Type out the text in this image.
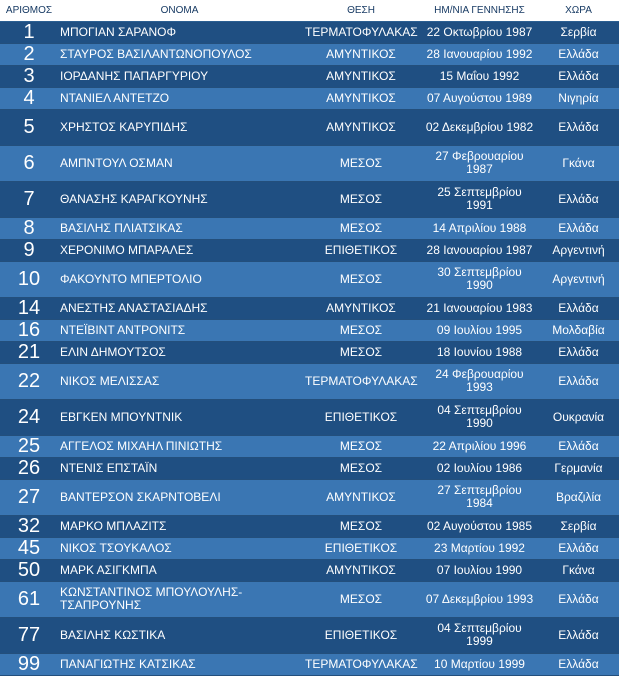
ΑΡΙΘΜΟΣ	ΟΝΟΜΑ	ΘΕΣΗ	ΗΜ/ΝΙΑ ΓΕΝΝΗΣΗΣ	ΧΩΡΑ
1	ΜΠΟΓΙΑΝ ΣΑΡΑΝΟΦ	ΤΕΡΜΑΤΟΦΥΛΑΚΑΣ	22 Οκτωβρίου 1987	Σερβία
2	ΣΤΑΥΡΟΣ ΒΑΣΙΛΑΝΤΩΝΟΠΟΥΛΟΣ	ΑΜΥΝΤΙΚΟΣ	28 Ιανουαρίου 1992	Ελλάδα
3	ΙΟΡΔΑΝΗΣ ΠΑΠΑΡΓΥΡΙΟΥ	ΑΜΥΝΤΙΚΟΣ	15 Μαΐου 1992	Ελλάδα
4	ΝΤΑΝΙΕΛ ΑΝΤΕΤΖΟ	ΑΜΥΝΤΙΚΟΣ	07 Αυγούστου 1989	Νιγηρία
5	ΧΡΗΣΤΟΣ ΚΑΡΥΠΙΔΗΣ	ΑΜΥΝΤΙΚΟΣ	02 Δεκεμβρίου 1982	Ελλάδα
6	ΑΜΠΝΤΟΥΛ ΟΣΜΑΝ	ΜΕΣΟΣ	27 Φεβρουαρίου 1987	Γκάνα
7	ΘΑΝΑΣΗΣ ΚΑΡΑΓΚΟΥΝΗΣ	ΜΕΣΟΣ	25 Σεπτεμβρίου 1991	Ελλάδα
8	ΒΑΣΙΛΗΣ ΠΛΙΑΤΣΙΚΑΣ	ΜΕΣΟΣ	14 Απριλίου 1988	Ελλάδα
9	ΧΕΡΟΝΙΜΟ ΜΠΑΡΑΛΕΣ	ΕΠΙΘΕΤΙΚΟΣ	28 Ιανουαρίου 1987	Αργεντινή
10	ΦΑΚΟΥΝΤΟ ΜΠΕΡΤΟΛΙΟ	ΜΕΣΟΣ	30 Σεπτεμβρίου 1990	Αργεντινή
14	ΑΝΕΣΤΗΣ ΑΝΑΣΤΑΣΙΑΔΗΣ	ΑΜΥΝΤΙΚΟΣ	21 Ιανουαρίου 1983	Ελλάδα
16	ΝΤΕΪΒΙΝΤ ΑΝΤΡΟΝΙΤΣ	ΜΕΣΟΣ	09 Ιουλίου 1995	Μολδαβία
21	ΕΛΙΝ ΔΗΜΟΥΤΣΟΣ	ΜΕΣΟΣ	18 Ιουνίου 1988	Ελλάδα
22	ΝΙΚΟΣ ΜΕΛΙΣΣΑΣ	ΤΕΡΜΑΤΟΦΥΛΑΚΑΣ	24 Φεβρουαρίου 1993	Ελλάδα
24	ΕΒΓΚΕΝ ΜΠΟΥΝΤΝΙΚ	ΕΠΙΘΕΤΙΚΟΣ	04 Σεπτεμβρίου 1990	Ουκρανία
25	ΑΓΓΕΛΟΣ ΜΙΧΑΗΛ ΠΙΝΙΩΤΗΣ	ΜΕΣΟΣ	22 Απριλίου 1996	Ελλάδα
26	ΝΤΕΝΙΣ ΕΠΣΤΑΪΝ	ΜΕΣΟΣ	02 Ιουλίου 1986	Γερμανία
27	ΒΑΝΤΕΡΣΟΝ ΣΚΑΡΝΤΟΒΕΛΙ	ΑΜΥΝΤΙΚΟΣ	27 Σεπτεμβρίου 1984	Βραζιλία
32	ΜΑΡΚΟ ΜΠΛΑΖΙΤΣ	ΜΕΣΟΣ	02 Αυγούστου 1985	Σερβία
45	ΝΙΚΟΣ ΤΣΟΥΚΑΛΟΣ	ΕΠΙΘΕΤΙΚΟΣ	23 Μαρτίου 1992	Ελλάδα
50	ΜΑΡΚ ΑΣΙΓΚΜΠΑ	ΑΜΥΝΤΙΚΟΣ	07 Ιουλίου 1990	Γκάνα
61	ΚΩΝΣΤΑΝΤΙΝΟΣ ΜΠΟΥΛΟΥΛΗΣ-ΤΣΑΠΡΟΥΝΗΣ	ΜΕΣΟΣ	07 Δεκεμβρίου 1993	Ελλάδα
77	ΒΑΣΙΛΗΣ ΚΩΣΤΙΚΑ	ΕΠΙΘΕΤΙΚΟΣ	04 Σεπτεμβρίου 1999	Ελλάδα
99	ΠΑΝΑΓΙΩΤΗΣ ΚΑΤΣΙΚΑΣ	ΤΕΡΜΑΤΟΦΥΛΑΚΑΣ	10 Μαρτίου 1999	Ελλάδα
